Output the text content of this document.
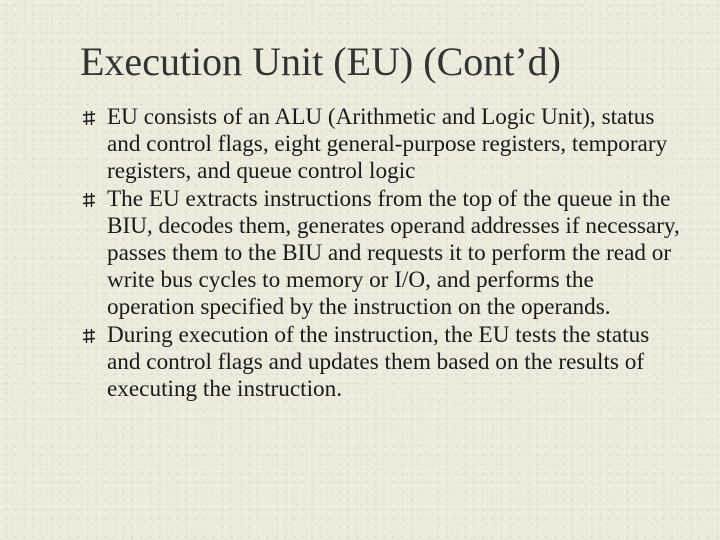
Execution Unit (EU) (Cont’d)
EU consists of an ALU (Arithmetic and Logic Unit), status and control flags, eight general-purpose registers, temporary registers, and queue control logic
The EU extracts instructions from the top of the queue in the BIU, decodes them, generates operand addresses if necessary, passes them to the BIU and requests it to perform the read or write bus cycles to memory or I/O, and performs the operation specified by the instruction on the operands.
During execution of the instruction, the EU tests the status and control flags and updates them based on the results of executing the instruction.
